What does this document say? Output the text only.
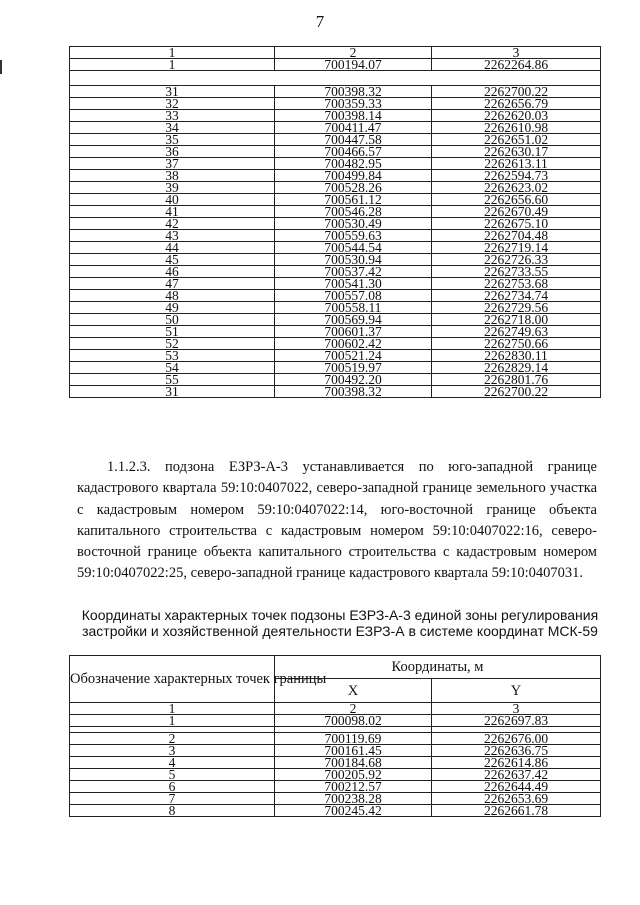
7
1	2	3
1	700194.07	2262264.86

31	700398.32	2262700.22
32	700359.33	2262656.79
33	700398.14	2262620.03
34	700411.47	2262610.98
35	700447.58	2262651.02
36	700466.57	2262630.17
37	700482.95	2262613.11
38	700499.84	2262594.73
39	700528.26	2262623.02
40	700561.12	2262656.60
41	700546.28	2262670.49
42	700530.49	2262675.10
43	700559.63	2262704.48
44	700544.54	2262719.14
45	700530.94	2262726.33
46	700537.42	2262733.55
47	700541.30	2262753.68
48	700557.08	2262734.74
49	700558.11	2262729.56
50	700569.94	2262718.00
51	700601.37	2262749.63
52	700602.42	2262750.66
53	700521.24	2262830.11
54	700519.97	2262829.14
55	700492.20	2262801.76
31	700398.32	2262700.22
1.1.2.3. подзона ЕЗРЗ-А-3 устанавливается по юго-западной границе кадастрового квартала 59:10:0407022, северо-западной границе земельного участка с кадастровым номером 59:10:0407022:14, юго-восточной границе объекта капитального строительства с кадастровым номером 59:10:0407022:16, северо-восточной границе объекта капитального строительства с кадастровым номером 59:10:0407022:25, северо-западной границе кадастрового квартала 59:10:0407031.
Координаты характерных точек подзоны ЕЗРЗ-А-3 единой зоны регулирования
застройки и хозяйственной деятельности ЕЗРЗ-А в системе координат МСК-59
Обозначение характерных точек границы	Координаты, м	
	X	Y
1	2	3
1	700098.02	2262697.83

2	700119.69	2262676.00
3	700161.45	2262636.75
4	700184.68	2262614.86
5	700205.92	2262637.42
6	700212.57	2262644.49
7	700238.28	2262653.69
8	700245.42	2262661.78
